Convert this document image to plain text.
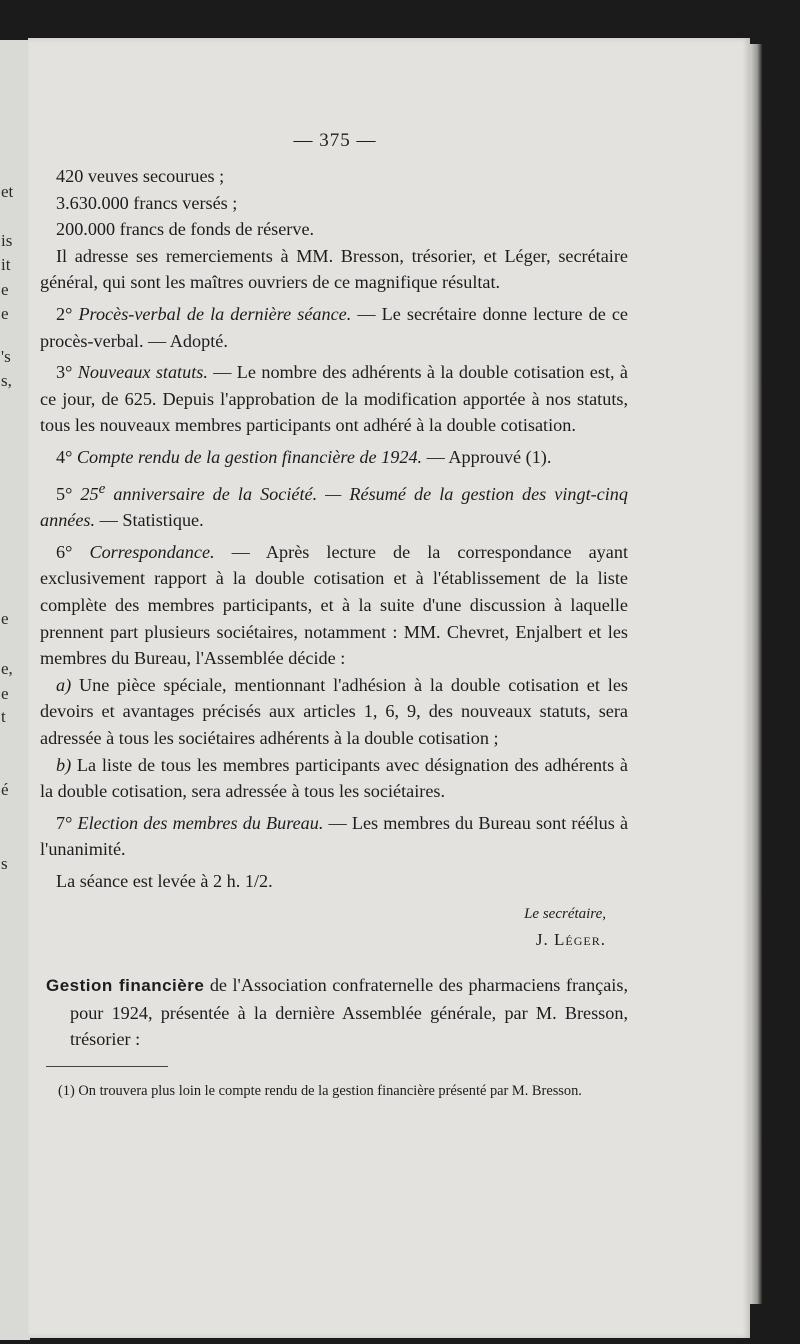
et
is
it
e
e
's
s,
e
e,
e
t
é
s
— 375 —

420 veuves secourues ;

3.630.000 francs versés ;

200.000 francs de fonds de réserve.

Il adresse ses remerciements à MM. Bresson, trésorier, et Léger, secrétaire général, qui sont les maîtres ouvriers de ce magnifique résultat.

2° Procès-verbal de la dernière séance. — Le secrétaire donne lecture de ce procès-verbal. — Adopté.

3° Nouveaux statuts. — Le nombre des adhérents à la double cotisation est, à ce jour, de 625. Depuis l'approbation de la modification apportée à nos statuts, tous les nouveaux membres participants ont adhéré à la double cotisation.

4° Compte rendu de la gestion financière de 1924. — Approuvé (1).

5° 25e anniversaire de la Société. — Résumé de la gestion des vingt-cinq années. — Statistique.

6° Correspondance. — Après lecture de la correspondance ayant exclusivement rapport à la double cotisation et à l'établissement de la liste complète des membres participants, et à la suite d'une discussion à laquelle prennent part plusieurs sociétaires, notamment : MM. Chevret, Enjalbert et les membres du Bureau, l'Assemblée décide :

a) Une pièce spéciale, mentionnant l'adhésion à la double cotisation et les devoirs et avantages précisés aux articles 1, 6, 9, des nouveaux statuts, sera adressée à tous les sociétaires adhérents à la double cotisation ;

b) La liste de tous les membres participants avec désignation des adhérents à la double cotisation, sera adressée à tous les sociétaires.

7° Election des membres du Bureau. — Les membres du Bureau sont réélus à l'unanimité.

La séance est levée à 2 h. 1/2.

Le secrétaire,

J. Léger.

Gestion financière de l'Association confraternelle des pharmaciens français, pour 1924, présentée à la dernière Assemblée générale, par M. Bresson, trésorier :

(1) On trouvera plus loin le compte rendu de la gestion financière présenté par M. Bresson.
